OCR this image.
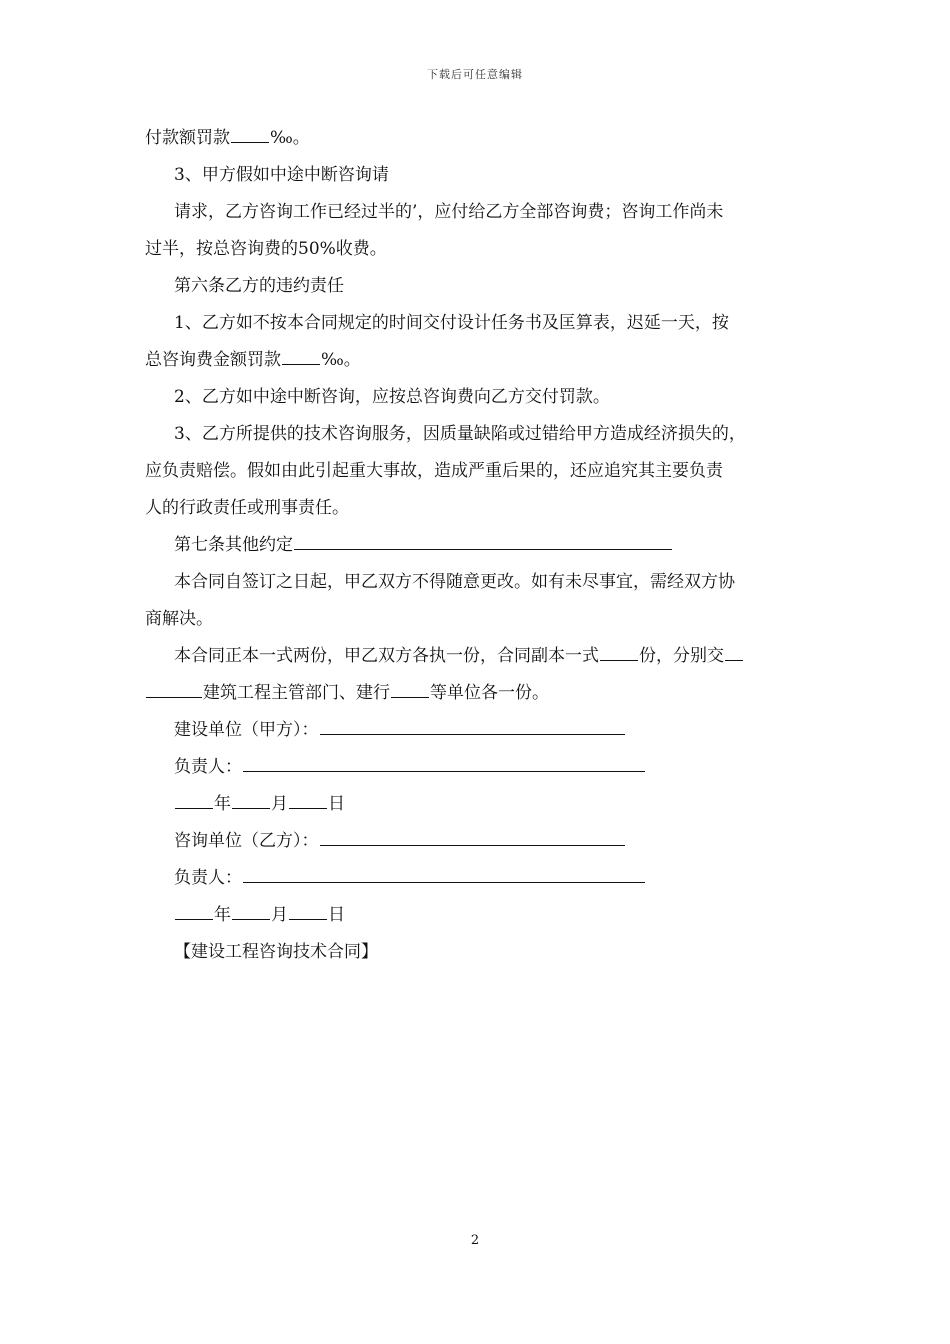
下载后可任意编辑
付款额罚款 ‰。
3、甲方假如中途中断咨询请
请求，乙方咨询工作已经过半的’，应付给乙方全部咨询费；咨询工作尚未
过半，按总咨询费的50%收费。
第六条乙方的违约责任
1、乙方如不按本合同规定的时间交付设计任务书及匡算表，迟延一天，按
总咨询费金额罚款 ‰。
2、乙方如中途中断咨询，应按总咨询费向乙方交付罚款。
3、乙方所提供的技术咨询服务，因质量缺陷或过错给甲方造成经济损失的，
应负责赔偿。假如由此引起重大事故，造成严重后果的，还应追究其主要负责
人的行政责任或刑事责任。
第七条其他约定
本合同自签订之日起，甲乙双方不得随意更改。如有未尽事宜，需经双方协
商解决。
本合同正本一式两份，甲乙双方各执一份，合同副本一式 份，分别交
建筑工程主管部门、建行 等单位各一份。
建设单位（甲方）：
负责人：
年 月 日
咨询单位（乙方）：
负责人：
年 月 日
【建设工程咨询技术合同】
2
